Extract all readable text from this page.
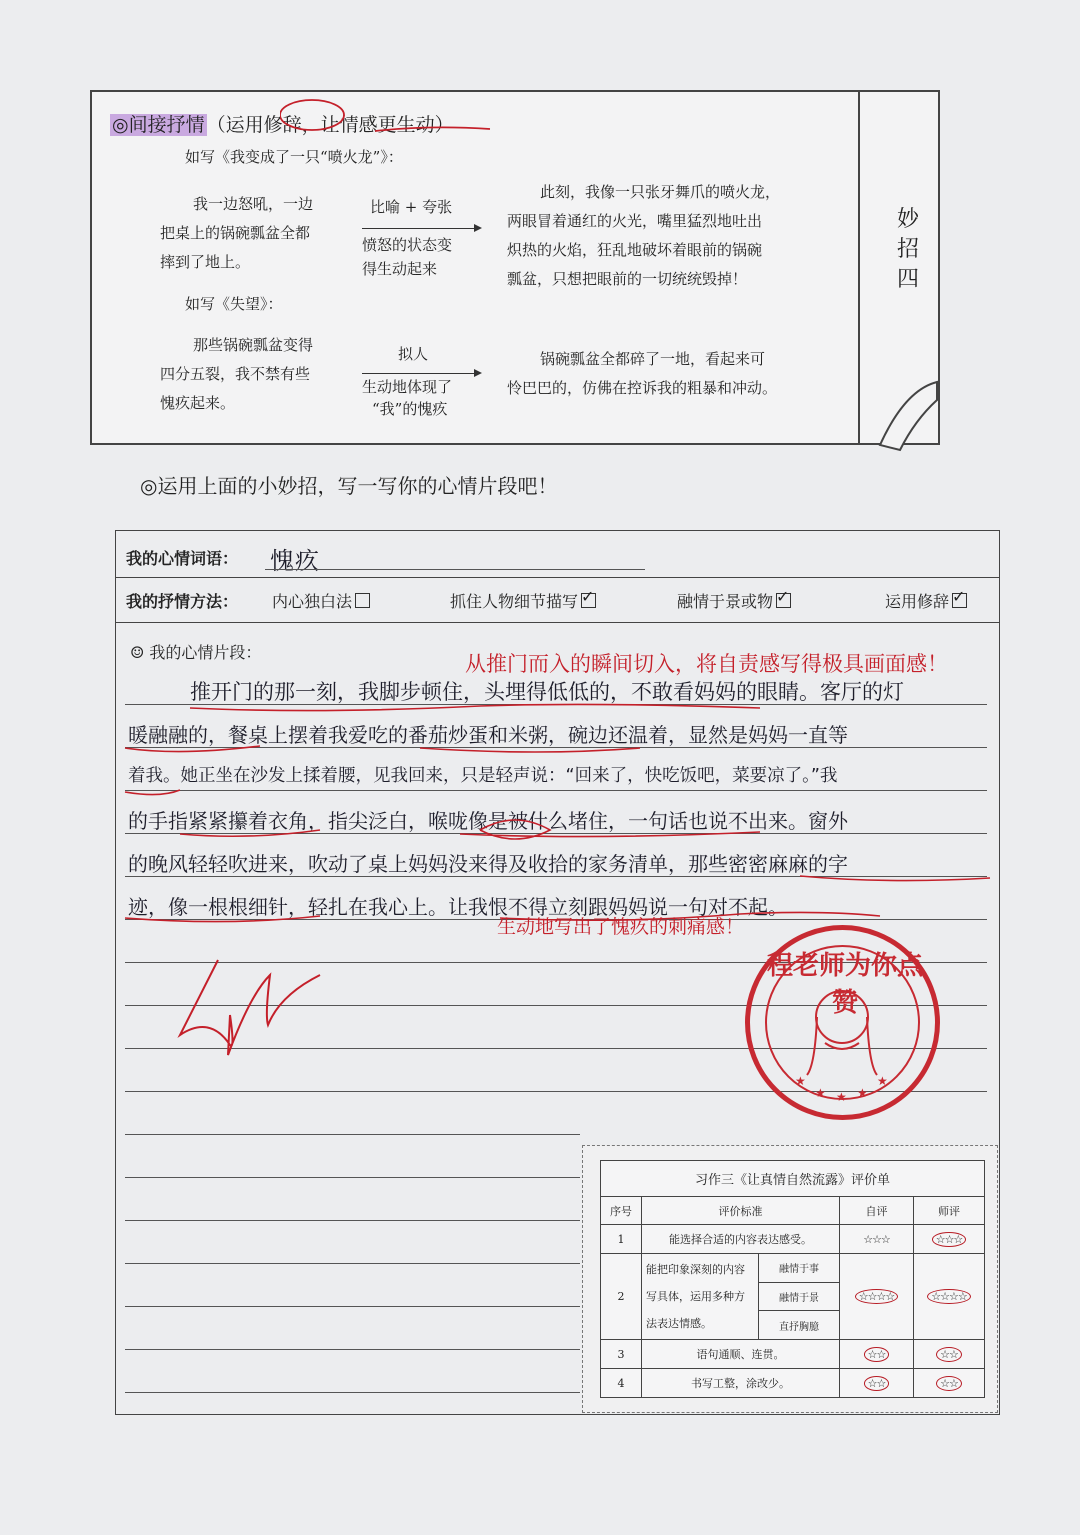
妙招四
◎间接抒情 （运用修辞，让情感更生动）
如写《我变成了一只“喷火龙”》：
我一边怒吼，一边
把桌上的锅碗瓢盆全都
摔到了地上。
比喻 + 夸张
愤怒的状态变
得生动起来
此刻，我像一只张牙舞爪的喷火龙，
两眼冒着通红的火光，嘴里猛烈地吐出
炽热的火焰，狂乱地破坏着眼前的锅碗
瓢盆，只想把眼前的一切统统毁掉！
如写《失望》：
那些锅碗瓢盆变得
四分五裂，我不禁有些
愧疚起来。
拟人
生动地体现了
“我”的愧疚
锅碗瓢盆全都碎了一地，看起来可
怜巴巴的，仿佛在控诉我的粗暴和冲动。
◎运用上面的小妙招，写一写你的心情片段吧！
我的心情词语： 愧疚
我的抒情方法： 内心独白法	抓住人物细节描写 ✓	融情于景或物 ✓	运用修辞✓
☺ 我的心情片段：	从推门而入的瞬间切入，将自责感写得极具画面感！
推开门的那一刻，我脚步顿住，头埋得低低的，不敢看妈妈的眼睛。客厅的灯
暖融融的，餐桌上摆着我爱吃的番茄炒蛋和米粥，碗边还温着，显然是妈妈一直等
着我。她正坐在沙发上揉着腰，见我回来，只是轻声说：“回来了，快吃饭吧，菜要凉了。”我
的手指紧紧攥着衣角，指尖泛白，喉咙像是被什么堵住，一句话也说不出来。窗外
的晚风轻轻吹进来，吹动了桌上妈妈没来得及收拾的家务清单，那些密密麻麻的字
迹，像一根根细针，轻扎在我心上。让我恨不得立刻跟妈妈说一句对不起。
生动地写出了愧疚的刺痛感！
★
★ ★ ★
★
程老师为你点赞
习作三《让真情自然流露》评价单				
序号	评价标准		自评	师评
1	能选择合适的内容表达感受。		☆☆☆	☆☆☆
2	能把印象深刻的内容写具体，运用多种方法表达情感。	融情于事	☆☆☆☆	☆☆☆☆
		融情于景		
		直抒胸臆		
3	语句通顺、连贯。		☆☆	☆☆
4	书写工整，涂改少。		☆☆	☆☆
